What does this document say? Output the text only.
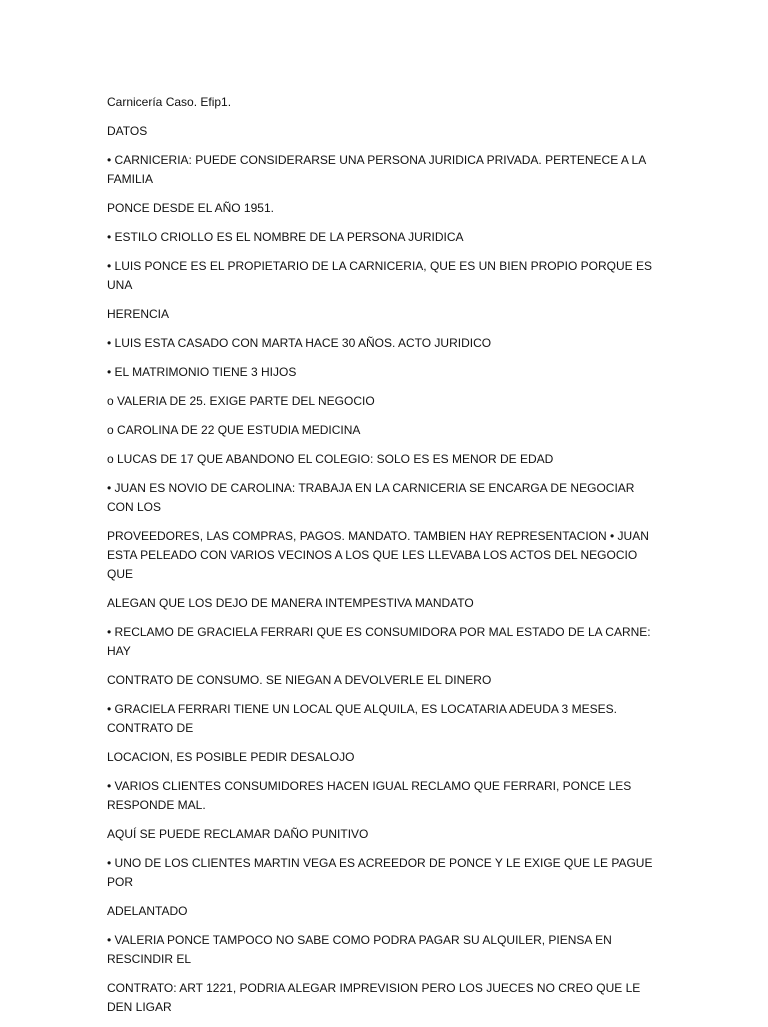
Carnicería Caso. Efip1.

DATOS

• CARNICERIA: PUEDE CONSIDERARSE UNA PERSONA JURIDICA PRIVADA. PERTENECE A LA FAMILIA

PONCE DESDE EL AÑO 1951.

• ESTILO CRIOLLO ES EL NOMBRE DE LA PERSONA JURIDICA

• LUIS PONCE ES EL PROPIETARIO DE LA CARNICERIA, QUE ES UN BIEN PROPIO PORQUE ES UNA

HERENCIA

• LUIS ESTA CASADO CON MARTA HACE 30 AÑOS. ACTO JURIDICO

• EL MATRIMONIO TIENE 3 HIJOS

o VALERIA DE 25. EXIGE PARTE DEL NEGOCIO

o CAROLINA DE 22 QUE ESTUDIA MEDICINA

o LUCAS DE 17 QUE ABANDONO EL COLEGIO: SOLO ES ES MENOR DE EDAD

• JUAN ES NOVIO DE CAROLINA: TRABAJA EN LA CARNICERIA SE ENCARGA DE NEGOCIAR CON LOS

PROVEEDORES, LAS COMPRAS, PAGOS. MANDATO. TAMBIEN HAY REPRESENTACION • JUAN ESTA PELEADO CON VARIOS VECINOS A LOS QUE LES LLEVABA LOS ACTOS DEL NEGOCIO QUE

ALEGAN QUE LOS DEJO DE MANERA INTEMPESTIVA MANDATO

• RECLAMO DE GRACIELA FERRARI QUE ES CONSUMIDORA POR MAL ESTADO DE LA CARNE: HAY

CONTRATO DE CONSUMO. SE NIEGAN A DEVOLVERLE EL DINERO

• GRACIELA FERRARI TIENE UN LOCAL QUE ALQUILA, ES LOCATARIA ADEUDA 3 MESES. CONTRATO DE

LOCACION, ES POSIBLE PEDIR DESALOJO

• VARIOS CLIENTES CONSUMIDORES HACEN IGUAL RECLAMO QUE FERRARI, PONCE LES RESPONDE MAL.

AQUÍ SE PUEDE RECLAMAR DAÑO PUNITIVO

• UNO DE LOS CLIENTES MARTIN VEGA ES ACREEDOR DE PONCE Y LE EXIGE QUE LE PAGUE POR

ADELANTADO

• VALERIA PONCE TAMPOCO NO SABE COMO PODRA PAGAR SU ALQUILER, PIENSA EN RESCINDIR EL

CONTRATO: ART 1221, PODRIA ALEGAR IMPREVISION PERO LOS JUECES NO CREO QUE LE DEN LIGAR
